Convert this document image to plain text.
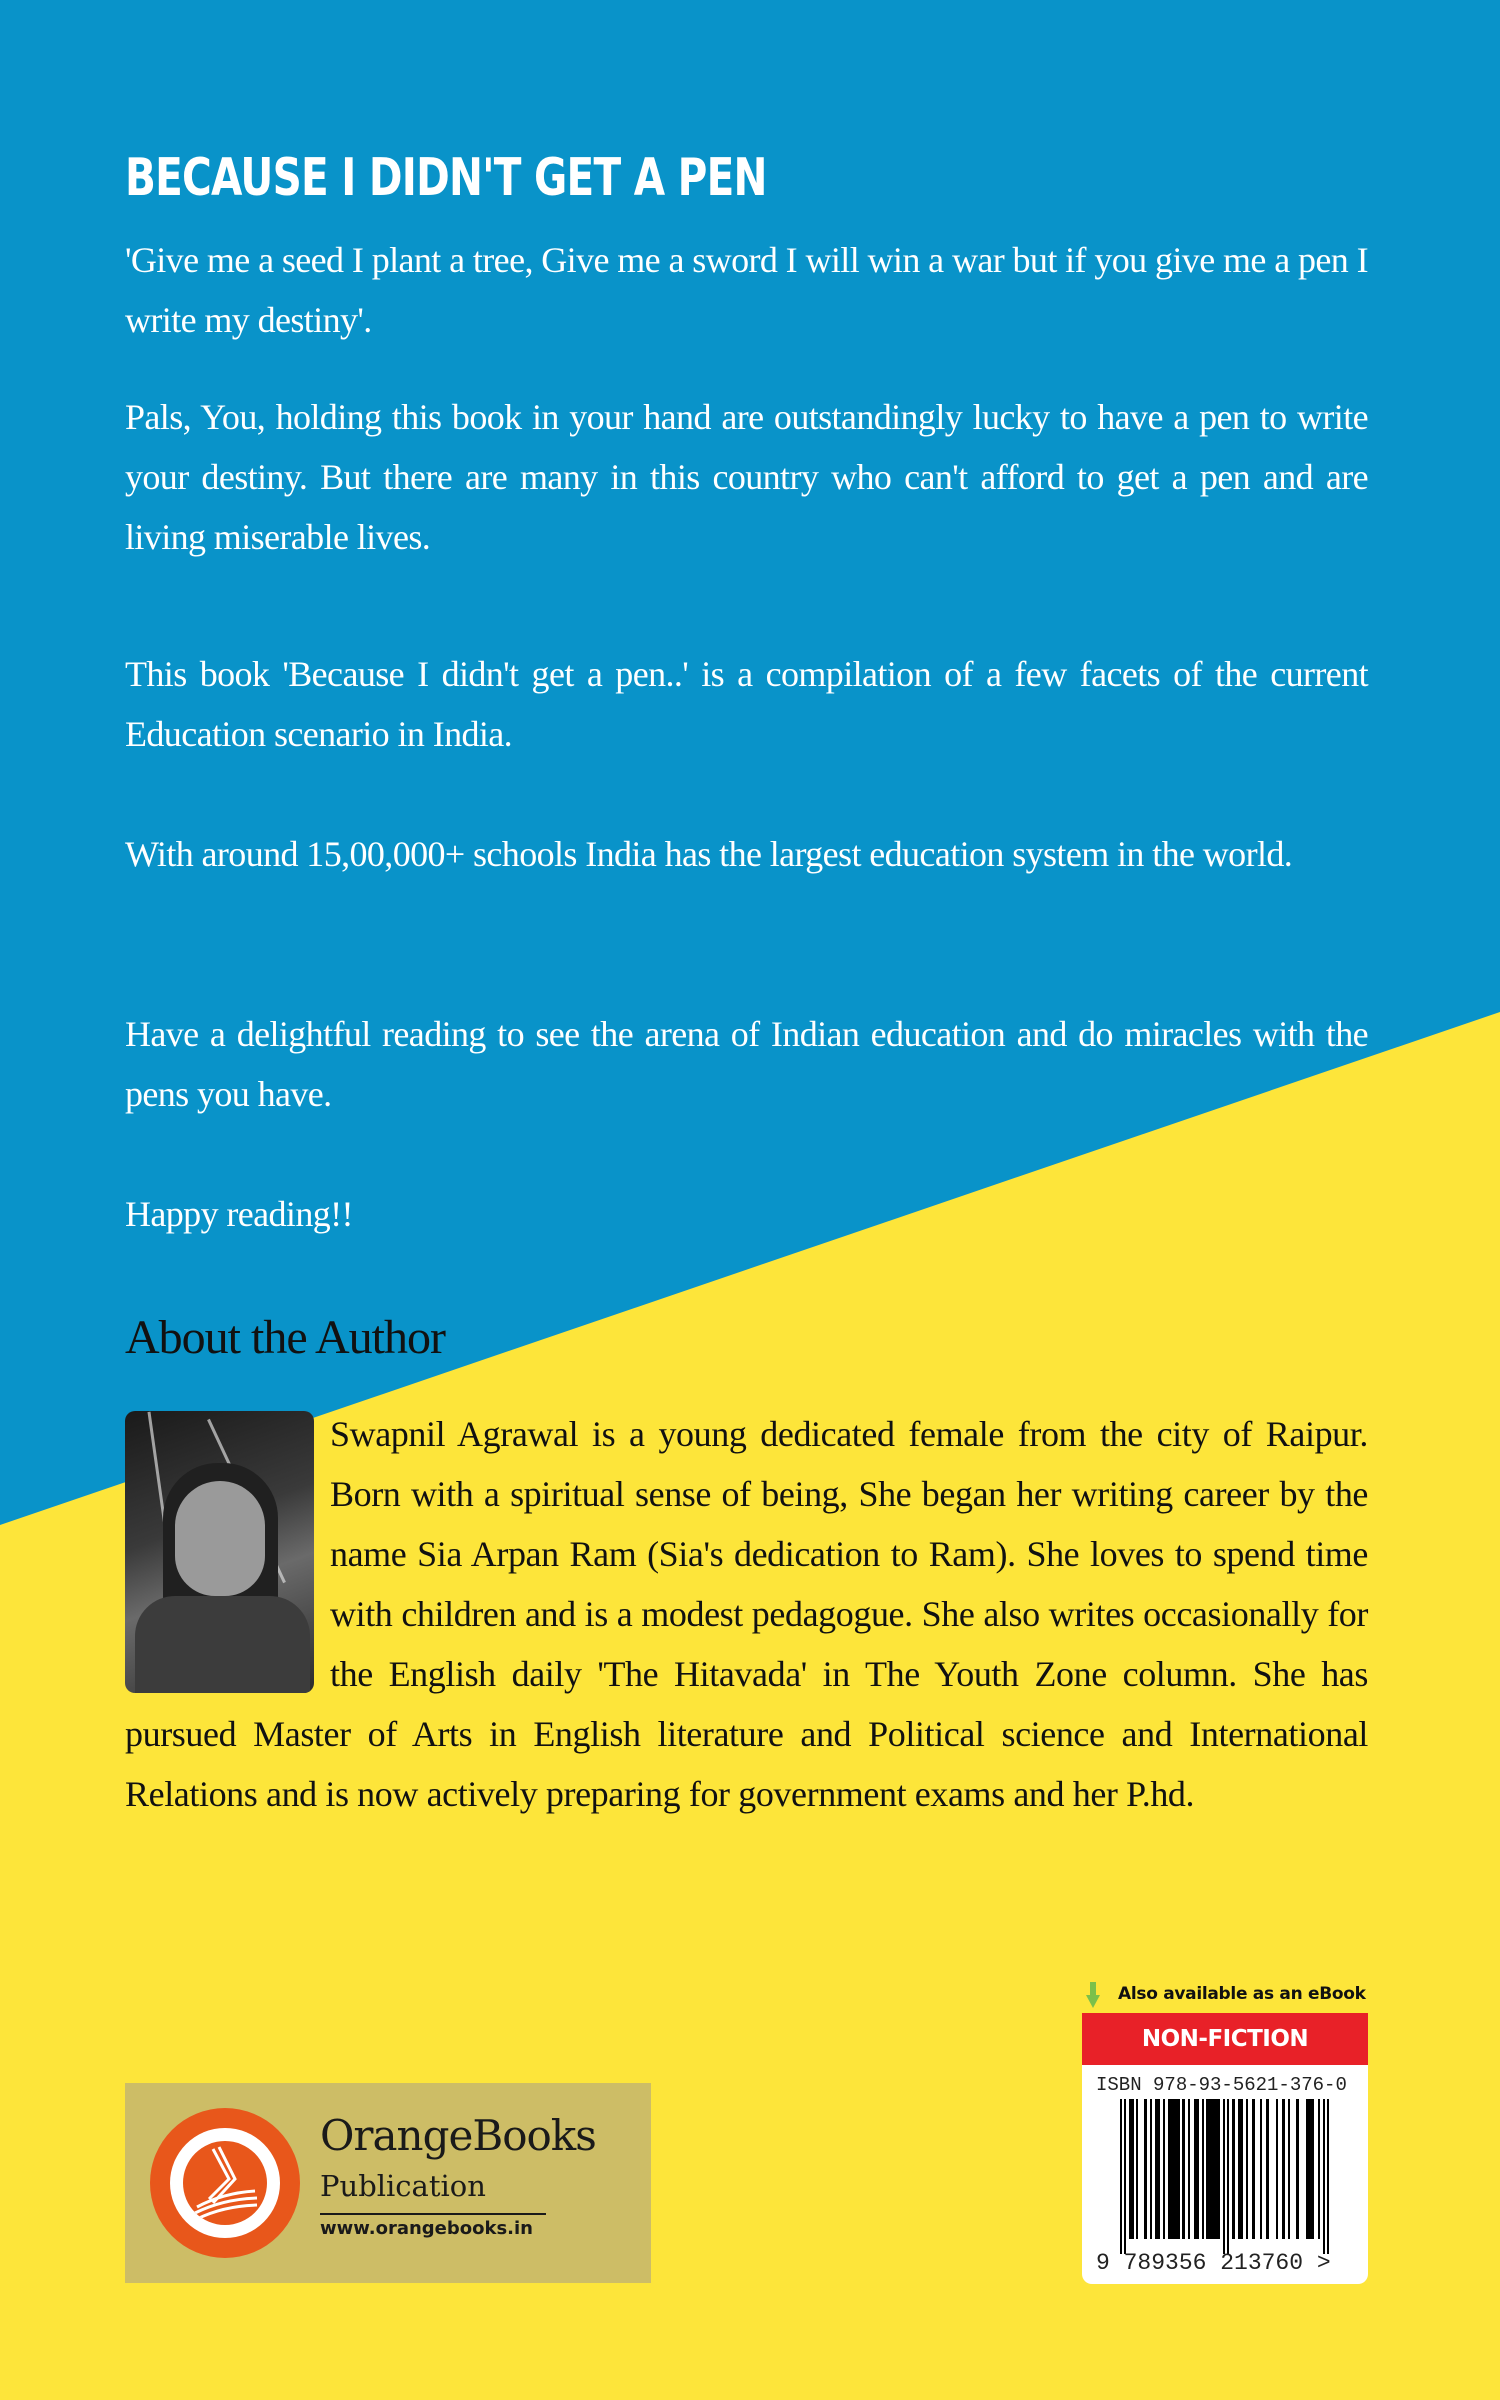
BECAUSE I DIDN'T GET A PEN
'Give me a seed I plant a tree, Give me a sword I will win a war but if you give me a pen I write my destiny'.
Pals, You, holding this book in your hand are outstandingly lucky to have a pen to write your destiny. But there are many in this country who can't afford to get a pen and are living miserable lives.
This book 'Because I didn't get a pen..' is a compilation of a few facets of the current Education scenario in India.
With around 15,00,000+ schools India has the largest education system in the world.
Have a delightful reading to see the arena of Indian education and do miracles with the pens you have.
Happy reading!!
About the Author
Swapnil Agrawal is a young dedicated female from the city of Raipur. Born with a spiritual sense of being, She began her writing career by the name Sia Arpan Ram (Sia's dedication to Ram). She loves to spend time with children and is a modest pedagogue. She also writes occasionally for the English daily 'The Hitavada' in The Youth Zone column. She has pursued Master of Arts in English literature and Political science and International Relations and is now actively preparing for government exams and her P.hd.
OrangeBooks
Publication
www.orangebooks.in
Also available as an eBook
NON-FICTION
ISBN 978-93-5621-376-0
9 789356 213760 >
